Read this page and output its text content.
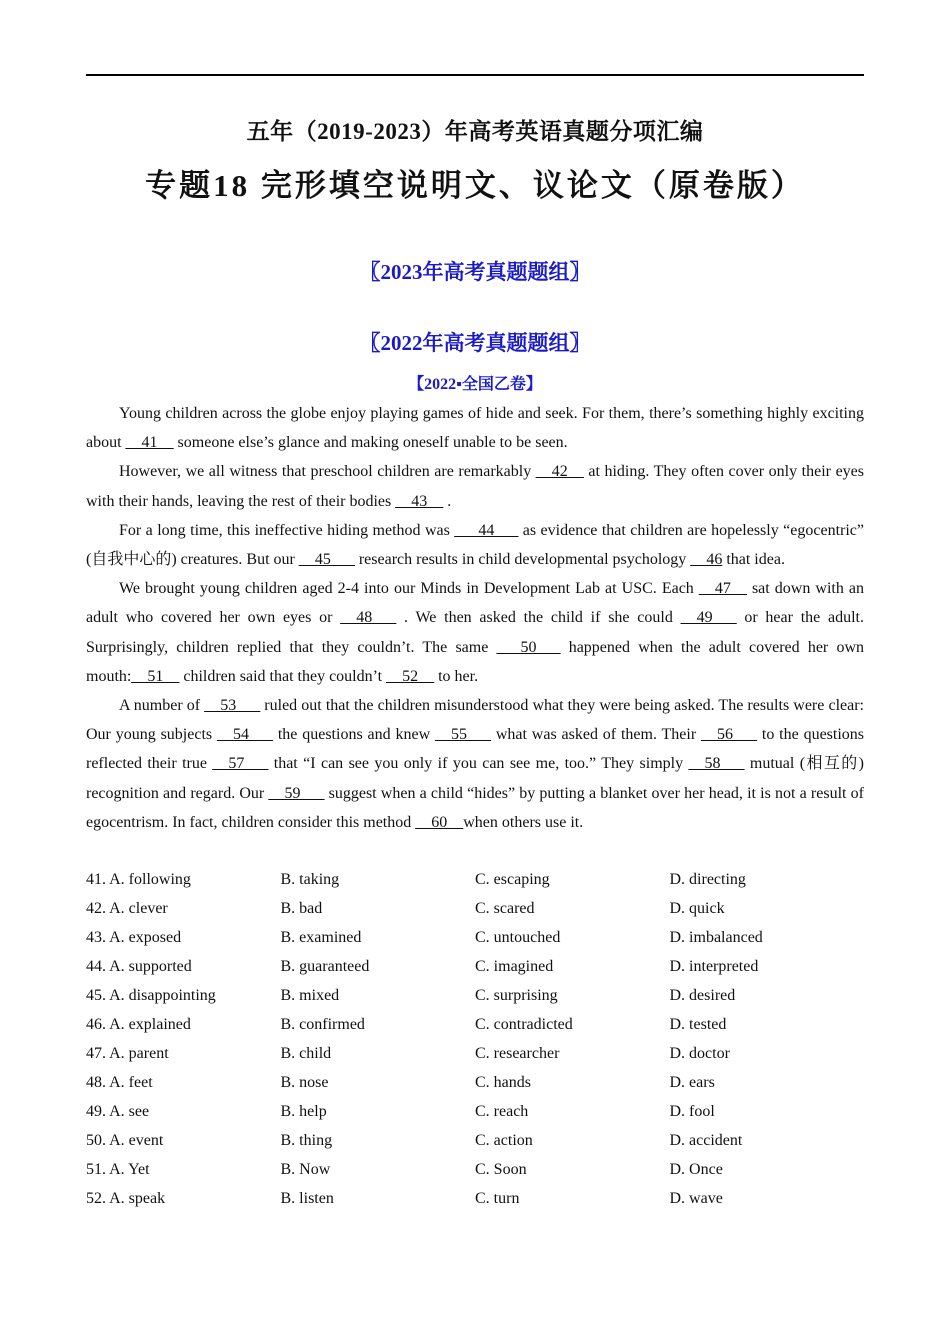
五年（2019-2023）年高考英语真题分项汇编
专题18 完形填空说明文、议论文（原卷版）
〖2023年高考真题题组〗
〖2022年高考真题题组〗
【2022▪全国乙卷】

Young children across the globe enjoy playing games of hide and seek. For them, there’s something highly exciting about __41__ someone else’s glance and making oneself unable to be seen.

However, we all witness that preschool children are remarkably __42__ at hiding. They often cover only their eyes with their hands, leaving the rest of their bodies __43__ .

For a long time, this ineffective hiding method was ___44___ as evidence that children are hopelessly “egocentric” (自我中心的) creatures. But our __45___ research results in child developmental psychology __46 that idea.

We brought young children aged 2-4 into our Minds in Development Lab at USC. Each __47__ sat down with an adult who covered her own eyes or __48___ . We then asked the child if she could __49___ or hear the adult. Surprisingly, children replied that they couldn’t. The same ___50___ happened when the adult covered her own mouth:__51__ children said that they couldn’t __52__ to her.

A number of __53___ ruled out that the children misunderstood what they were being asked. The results were clear: Our young subjects __54___ the questions and knew __55___ what was asked of them. Their __56___ to the questions reflected their true __57___ that “I can see you only if you can see me, too.” They simply __58___ mutual (相互的) recognition and regard. Our __59___ suggest when a child “hides” by putting a blanket over her head, it is not a result of egocentrism. In fact, children consider this method __60__when others use it.

41. A. following	B. taking	C. escaping	D. directing
42. A. clever	B. bad	C. scared	D. quick
43. A. exposed	B. examined	C. untouched	D. imbalanced
44. A. supported	B. guaranteed	C. imagined	D. interpreted
45. A. disappointing	B. mixed	C. surprising	D. desired
46. A. explained	B. confirmed	C. contradicted	D. tested
47. A. parent	B. child	C. researcher	D. doctor
48. A. feet	B. nose	C. hands	D. ears
49. A. see	B. help	C. reach	D. fool
50. A. event	B. thing	C. action	D. accident
51. A. Yet	B. Now	C. Soon	D. Once
52. A. speak	B. listen	C. turn	D. wave
